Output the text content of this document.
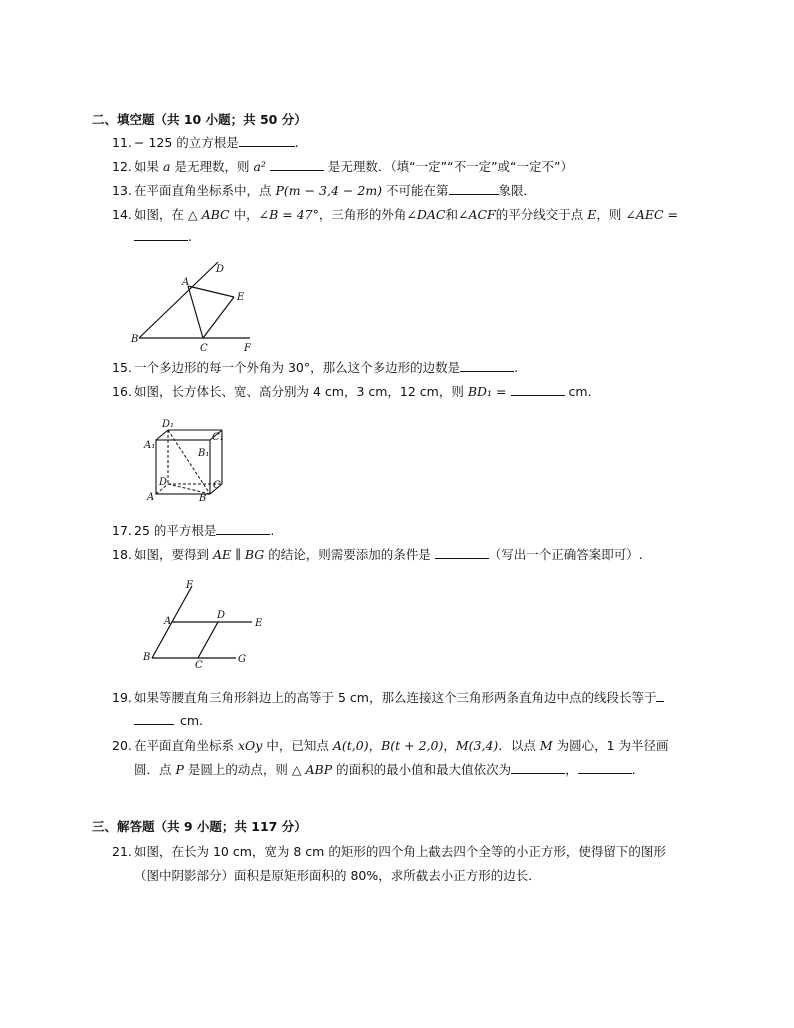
二、填空题（共 10 小题；共 50 分）
11. − 125 的立方根是	.
12. 如果 a 是无理数，则 a²	是无理数．（填“一定”“不一定”或“一定不”）
13. 在平面直角坐标系中，点 P(m − 3,4 − 2m) 不可能在第	象限．
14. 如图，在 △ ABC 中，∠B = 47°，三角形的外角∠DAC和∠ACF的平分线交于点 E，则 ∠AEC =
.
A
D
E
B
C	F
15. 一个多边形的每一个外角为 30°，那么这个多边形的边数是	.
16. 如图，长方体长、宽、高分别为 4 cm，3 cm，12 cm，则 BD₁ =	cm.
D₁
C₁
A₁
B₁
D	C
A	B
17. 25 的平方根是	.
18. 如图，要得到 AE ∥ BG 的结论，则需要添加的条件是	（写出一个正确答案即可）.
F
A
D
E
B
C
G
19. 如果等腰直角三角形斜边上的高等于 5 cm，那么连接这个三角形两条直角边中点的线段长等于
cm.
20. 在平面直角坐标系 xOy 中，已知点 A(t,0)，B(t + 2,0)，M(3,4)．以点 M 为圆心，1 为半径画
圆．点 P 是圆上的动点，则 △ ABP 的面积的最小值和最大值依次为	，	.
三、解答题（共 9 小题；共 117 分）
21. 如图，在长为 10 cm，宽为 8 cm 的矩形的四个角上截去四个全等的小正方形，使得留下的图形
（图中阴影部分）面积是原矩形面积的 80%，求所截去小正方形的边长．
